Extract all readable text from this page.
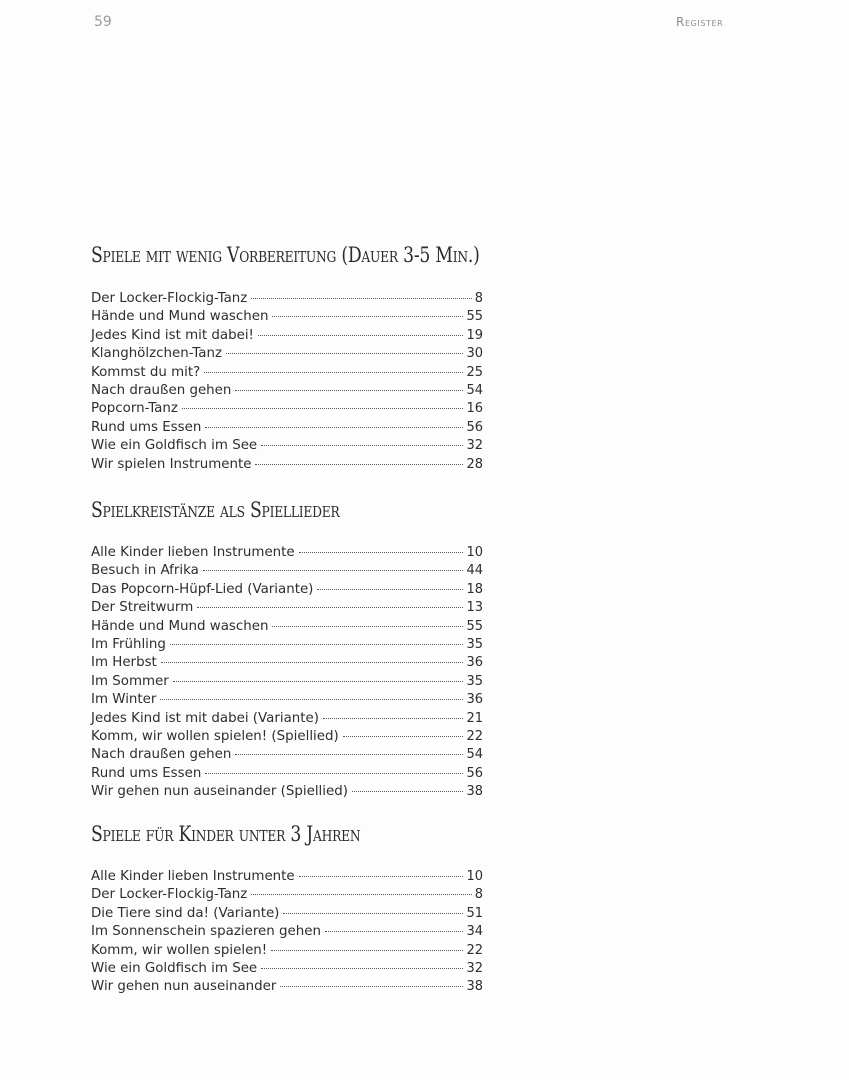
59	Register
Spiele mit wenig Vorbereitung (Dauer 3-5 Min.)
Der Locker-Flockig-Tanz	8
Hände und Mund waschen	55
Jedes Kind ist mit dabei!	19
Klanghölzchen-Tanz	30
Kommst du mit?	25
Nach draußen gehen	54
Popcorn-Tanz	16
Rund ums Essen	56
Wie ein Goldfisch im See	32
Wir spielen Instrumente	28
Spielkreistänze als Spiellieder
Alle Kinder lieben Instrumente	10
Besuch in Afrika	44
Das Popcorn-Hüpf-Lied (Variante)	18
Der Streitwurm	13
Hände und Mund waschen	55
Im Frühling	35
Im Herbst	36
Im Sommer	35
Im Winter	36
Jedes Kind ist mit dabei (Variante)	21
Komm, wir wollen spielen! (Spiellied)	22
Nach draußen gehen	54
Rund ums Essen	56
Wir gehen nun auseinander (Spiellied)	38
Spiele für Kinder unter 3 Jahren
Alle Kinder lieben Instrumente	10
Der Locker-Flockig-Tanz	8
Die Tiere sind da! (Variante)	51
Im Sonnenschein spazieren gehen	34
Komm, wir wollen spielen!	22
Wie ein Goldfisch im See	32
Wir gehen nun auseinander	38
